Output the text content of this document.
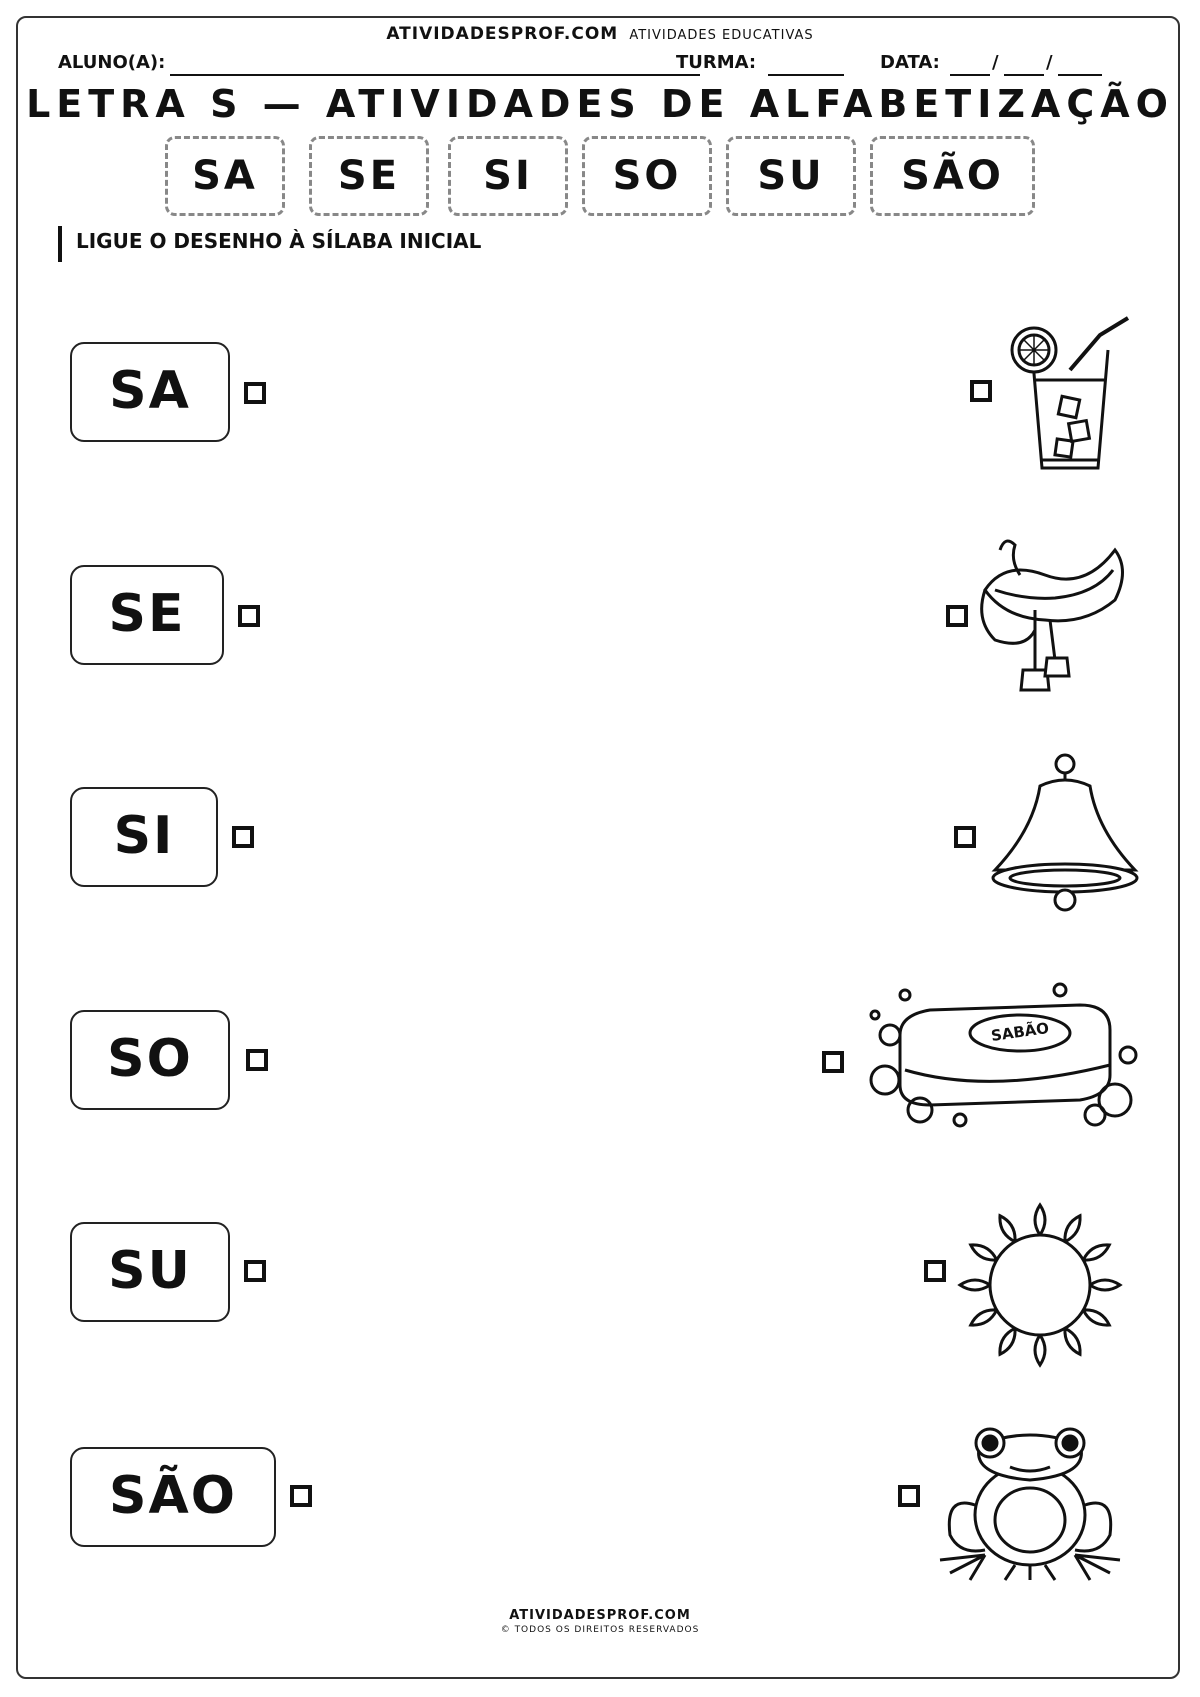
ATIVIDADESPROF.COM ATIVIDADES EDUCATIVAS
ALUNO(A):	TURMA:	DATA:	/	/
LETRA S — ATIVIDADES DE ALFABETIZAÇÃO
SA	SE	SI	SO	SU	SÃO
LIGUE O DESENHO À SÍLABA INICIAL
SA
SE
SI
SO	SABÃO
SU
SÃO
ATIVIDADESPROF.COM
© TODOS OS DIREITOS RESERVADOS
